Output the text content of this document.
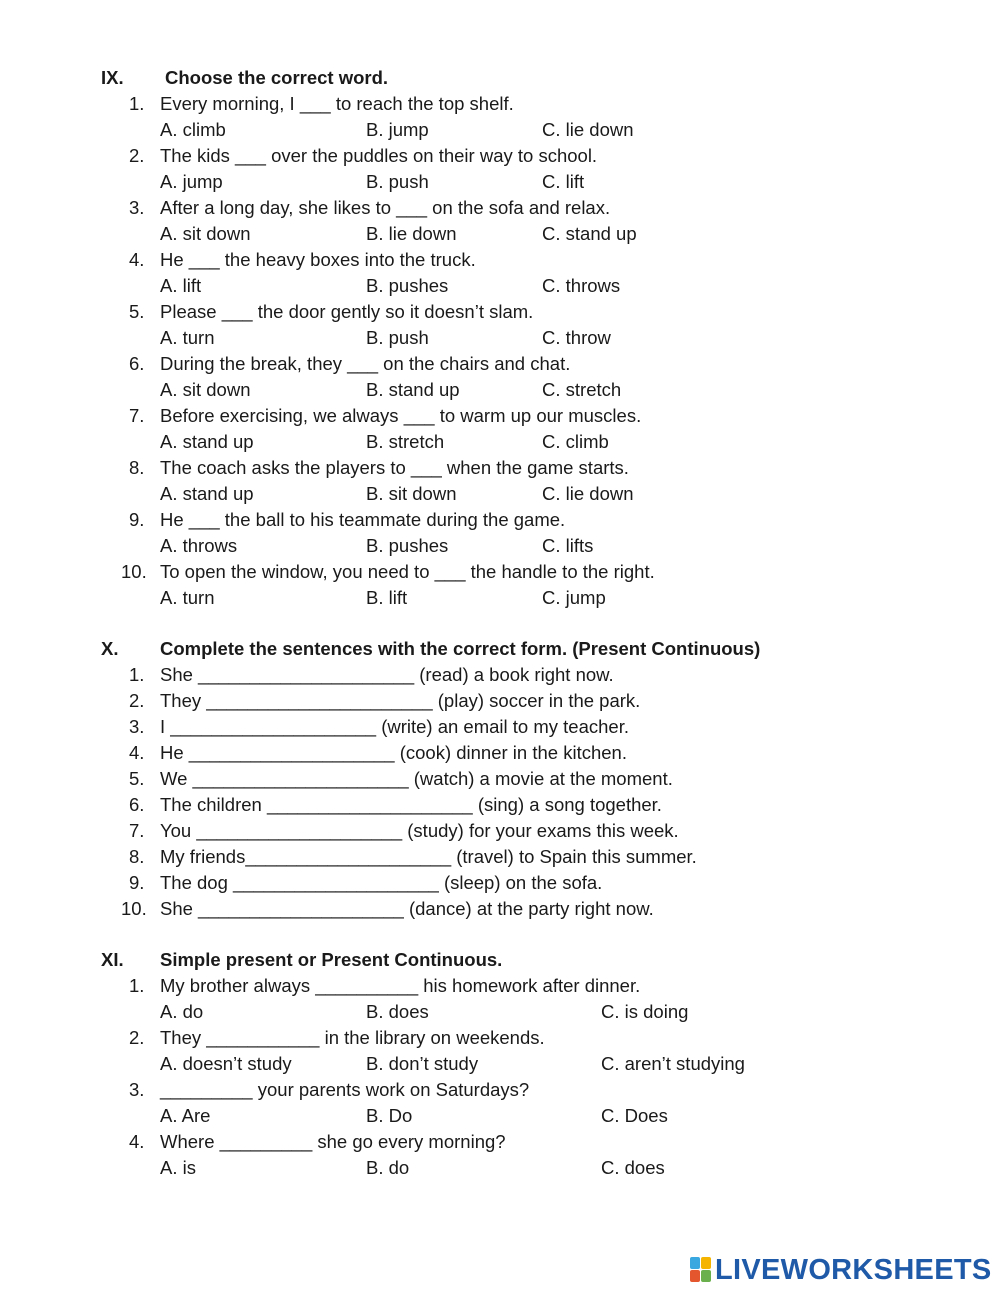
IX.

Choose the correct word.

1. Every morning, I ___ to reach the top shelf.
A. climb	B. jump	C. lie down
2. The kids ___ over the puddles on their way to school.
A. jump	B. push	C. lift
3. After a long day, she likes to ___ on the sofa and relax.
A. sit down	B. lie down	C. stand up
4. He ___ the heavy boxes into the truck.
A. lift	B. pushes	C. throws
5. Please ___ the door gently so it doesn’t slam.
A. turn	B. push	C. throw
6. During the break, they ___ on the chairs and chat.
A. sit down	B. stand up	C. stretch
7. Before exercising, we always ___ to warm up our muscles.
A. stand up	B. stretch	C. climb
8. The coach asks the players to ___ when the game starts.
A. stand up	B. sit down	C. lie down
9. He ___ the ball to his teammate during the game.
A. throws	B. pushes	C. lifts
10. To open the window, you need to ___ the handle to the right.
A. turn	B. lift	C. jump

X.

Complete the sentences with the correct form. (Present Continuous)

1. She _____________________ (read) a book right now.
2. They ______________________ (play) soccer in the park.
3. I ____________________ (write) an email to my teacher.
4. He ____________________ (cook) dinner in the kitchen.
5. We _____________________ (watch) a movie at the moment.
6. The children ____________________ (sing) a song together.
7. You ____________________ (study) for your exams this week.
8. My friends____________________ (travel) to Spain this summer.
9. The dog ____________________ (sleep) on the sofa.
10. She ____________________ (dance) at the party right now.

XI.

Simple present or Present Continuous.

1. My brother always __________ his homework after dinner.
A. do	B. does	C. is doing
2. They ___________ in the library on weekends.
A. doesn’t study	B. don’t study	C. aren’t studying
3. _________ your parents work on Saturdays?
A. Are	B. Do	C. Does
4. Where _________ she go every morning?
A. is	B. do	C. does
LIVEWORKSHEETS
